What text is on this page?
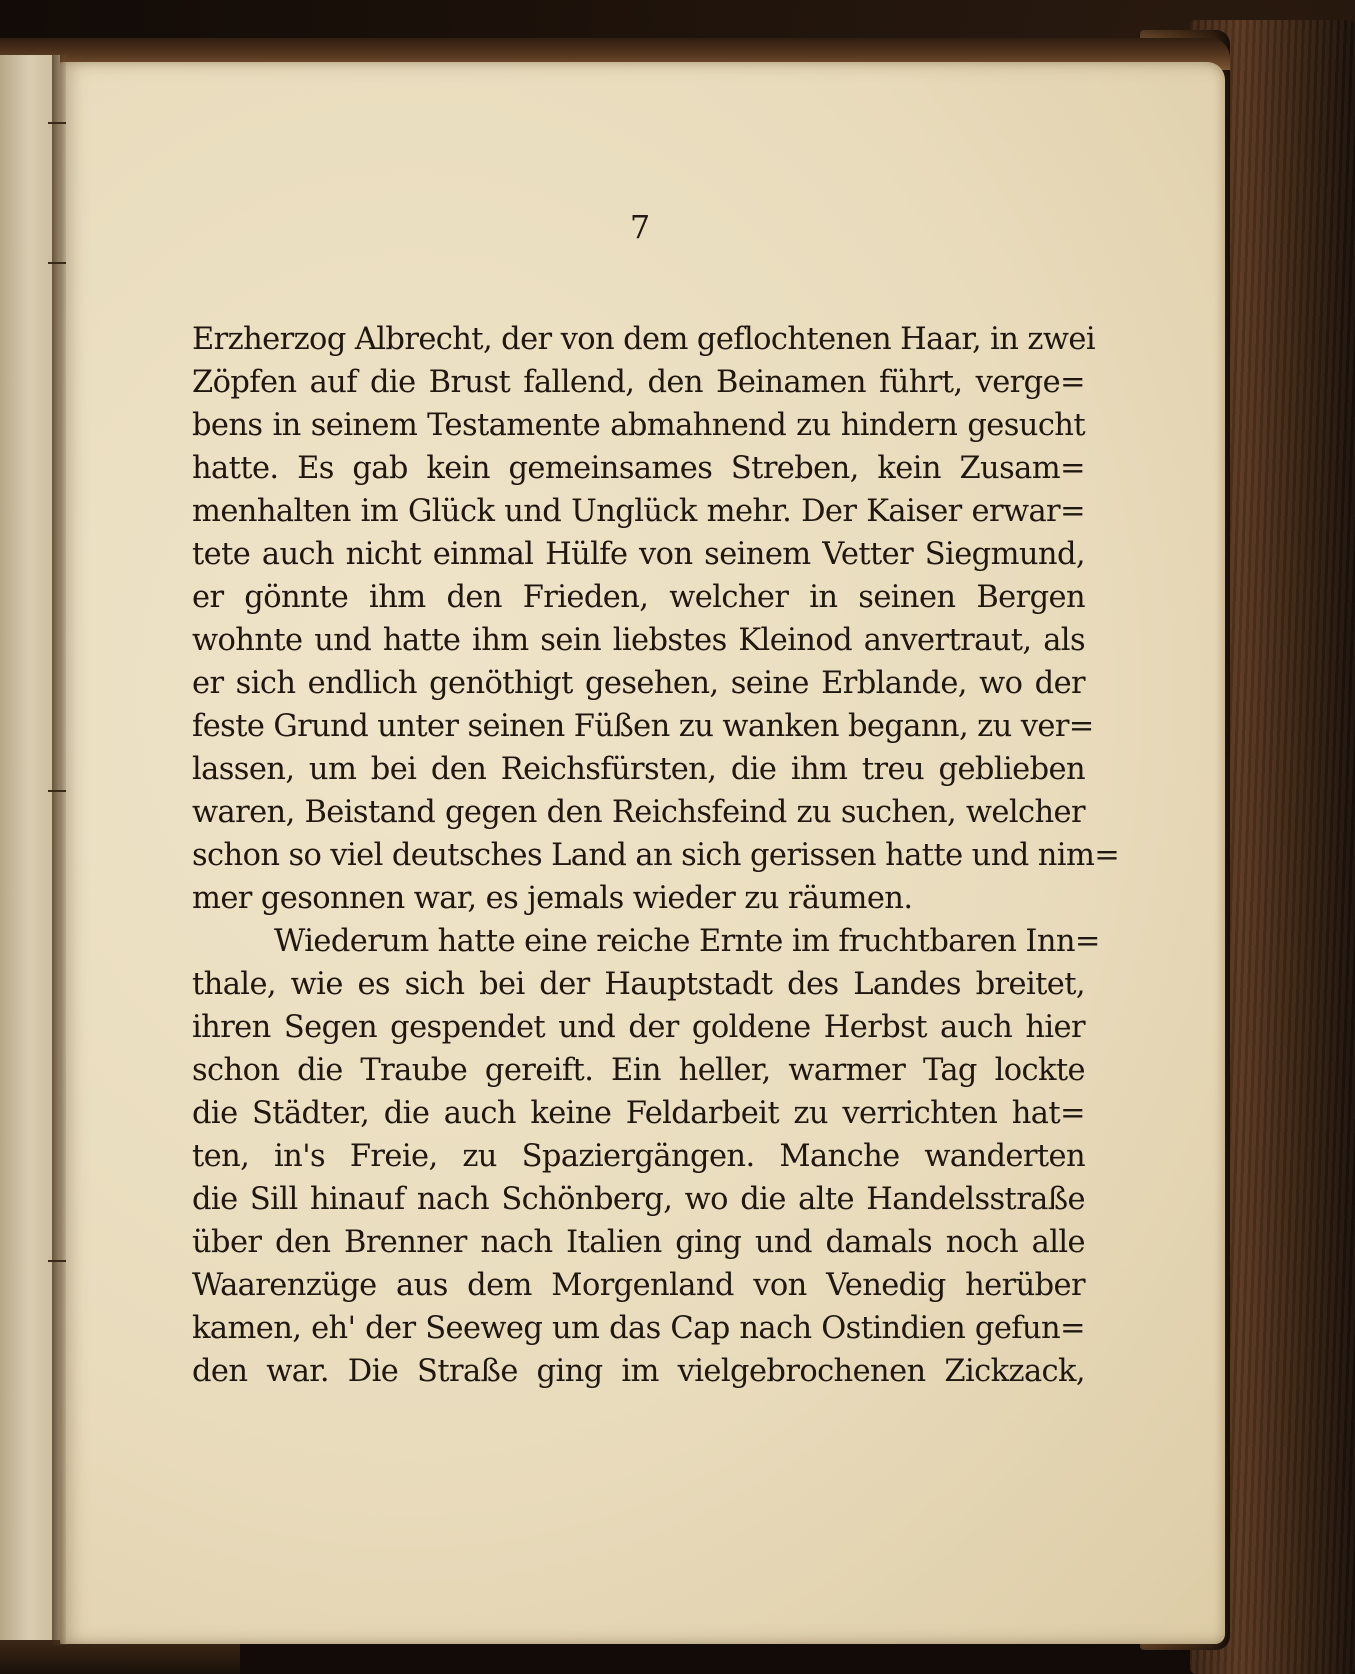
7
Erzherzog Albrecht, der von dem geflochtenen Haar, in zwei
Zöpfen auf die Brust fallend, den Beinamen führt, verge=
bens in seinem Testamente abmahnend zu hindern gesucht
hatte. Es gab kein gemeinsames Streben, kein Zusam=
menhalten im Glück und Unglück mehr. Der Kaiser erwar=
tete auch nicht einmal Hülfe von seinem Vetter Siegmund,
er gönnte ihm den Frieden, welcher in seinen Bergen
wohnte und hatte ihm sein liebstes Kleinod anvertraut, als
er sich endlich genöthigt gesehen, seine Erblande, wo der
feste Grund unter seinen Füßen zu wanken begann, zu ver=
lassen, um bei den Reichsfürsten, die ihm treu geblieben
waren, Beistand gegen den Reichsfeind zu suchen, welcher
schon so viel deutsches Land an sich gerissen hatte und nim=
mer gesonnen war, es jemals wieder zu räumen.
Wiederum hatte eine reiche Ernte im fruchtbaren Inn=
thale, wie es sich bei der Hauptstadt des Landes breitet,
ihren Segen gespendet und der goldene Herbst auch hier
schon die Traube gereift. Ein heller, warmer Tag lockte
die Städter, die auch keine Feldarbeit zu verrichten hat=
ten, in's Freie, zu Spaziergängen. Manche wanderten
die Sill hinauf nach Schönberg, wo die alte Handelsstraße
über den Brenner nach Italien ging und damals noch alle
Waarenzüge aus dem Morgenland von Venedig herüber
kamen, eh' der Seeweg um das Cap nach Ostindien gefun=
den war. Die Straße ging im vielgebrochenen Zickzack,
